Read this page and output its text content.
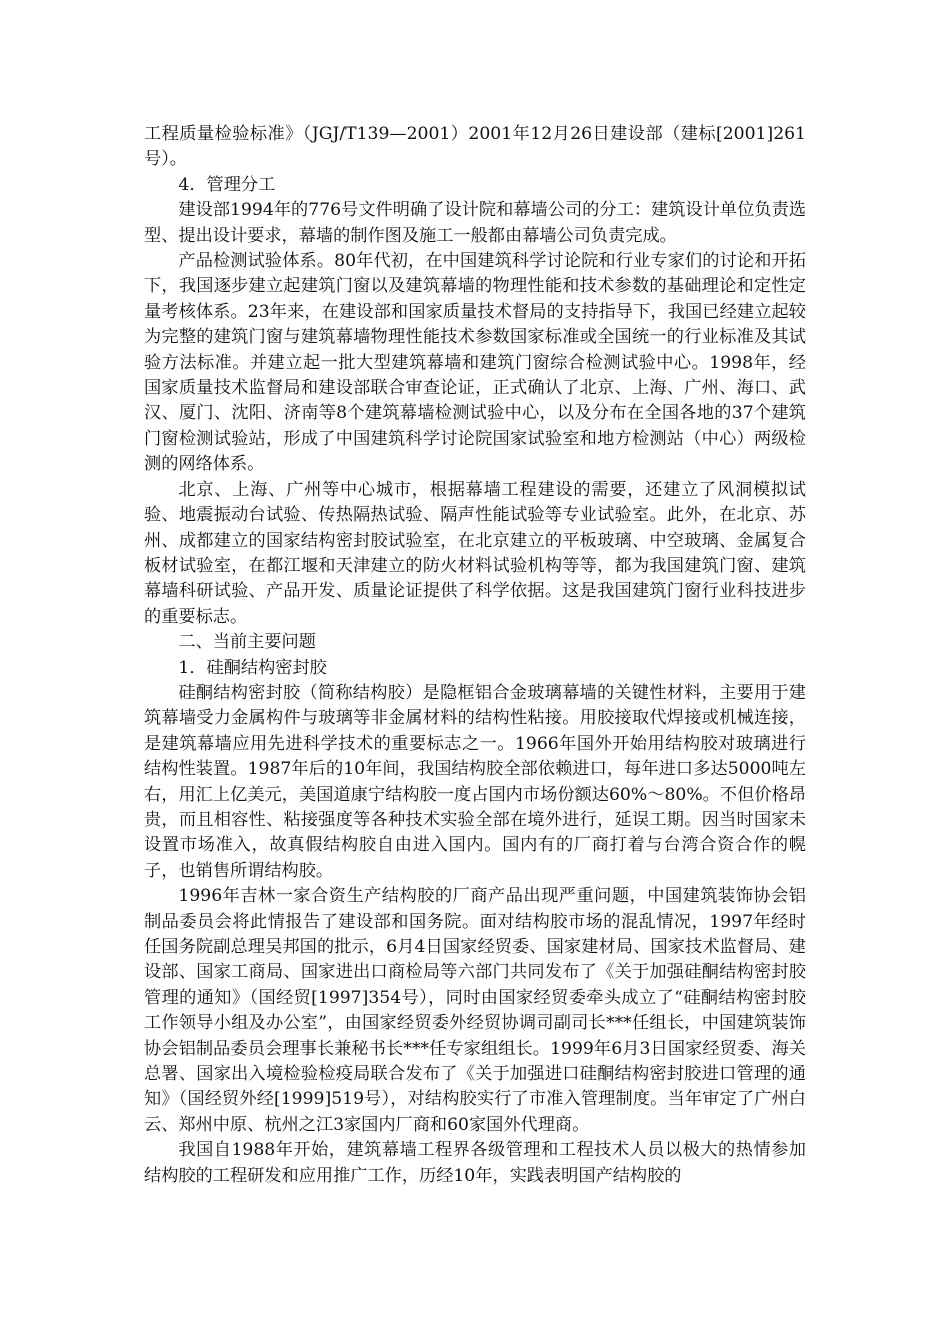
工程质量检验标准》（JGJ/T139—2001）2001年12月26日建设部（建标[2001]261号）。

4．管理分工

建设部1994年的776号文件明确了设计院和幕墙公司的分工：建筑设计单位负责选型、提出设计要求，幕墙的制作图及施工一般都由幕墙公司负责完成。

产品检测试验体系。80年代初，在中国建筑科学讨论院和行业专家们的讨论和开拓下，我国逐步建立起建筑门窗以及建筑幕墙的物理性能和技术参数的基础理论和定性定量考核体系。23年来，在建设部和国家质量技术督局的支持指导下，我国已经建立起较为完整的建筑门窗与建筑幕墙物理性能技术参数国家标准或全国统一的行业标准及其试验方法标准。并建立起一批大型建筑幕墙和建筑门窗综合检测试验中心。1998年，经国家质量技术监督局和建设部联合审查论证，正式确认了北京、上海、广州、海口、武汉、厦门、沈阳、济南等8个建筑幕墙检测试验中心，以及分布在全国各地的37个建筑门窗检测试验站，形成了中国建筑科学讨论院国家试验室和地方检测站（中心）两级检测的网络体系。

北京、上海、广州等中心城市，根据幕墙工程建设的需要，还建立了风洞模拟试验、地震振动台试验、传热隔热试验、隔声性能试验等专业试验室。此外，在北京、苏州、成都建立的国家结构密封胶试验室，在北京建立的平板玻璃、中空玻璃、金属复合板材试验室，在都江堰和天津建立的防火材料试验机构等等，都为我国建筑门窗、建筑幕墙科研试验、产品开发、质量论证提供了科学依据。这是我国建筑门窗行业科技进步的重要标志。

二、当前主要问题

1．硅酮结构密封胶

硅酮结构密封胶（简称结构胶）是隐框铝合金玻璃幕墙的关键性材料，主要用于建筑幕墙受力金属构件与玻璃等非金属材料的结构性粘接。用胶接取代焊接或机械连接，是建筑幕墙应用先进科学技术的重要标志之一。1966年国外开始用结构胶对玻璃进行结构性装置。1987年后的10年间，我国结构胶全部依赖进口，每年进口多达5000吨左右，用汇上亿美元，美国道康宁结构胶一度占国内市场份额达60%～80%。不但价格昂贵，而且相容性、粘接强度等各种技术实验全部在境外进行，延误工期。因当时国家未设置市场准入，故真假结构胶自由进入国内。国内有的厂商打着与台湾合资合作的幌子，也销售所谓结构胶。

1996年吉林一家合资生产结构胶的厂商产品出现严重问题，中国建筑装饰协会铝制品委员会将此情报告了建设部和国务院。面对结构胶市场的混乱情况，1997年经时任国务院副总理吴邦国的批示，6月4日国家经贸委、国家建材局、国家技术监督局、建设部、国家工商局、国家进出口商检局等六部门共同发布了《关于加强硅酮结构密封胶管理的通知》（国经贸[1997]354号），同时由国家经贸委牵头成立了“硅酮结构密封胶工作领导小组及办公室”，由国家经贸委外经贸协调司副司长***任组长，中国建筑装饰协会铝制品委员会理事长兼秘书长***任专家组组长。1999年6月3日国家经贸委、海关总署、国家出入境检验检疫局联合发布了《关于加强进口硅酮结构密封胶进口管理的通知》（国经贸外经[1999]519号），对结构胶实行了市准入管理制度。当年审定了广州白云、郑州中原、杭州之江3家国内厂商和60家国外代理商。

我国自1988年开始，建筑幕墙工程界各级管理和工程技术人员以极大的热情参加结构胶的工程研发和应用推广工作，历经10年，实践表明国产结构胶的
